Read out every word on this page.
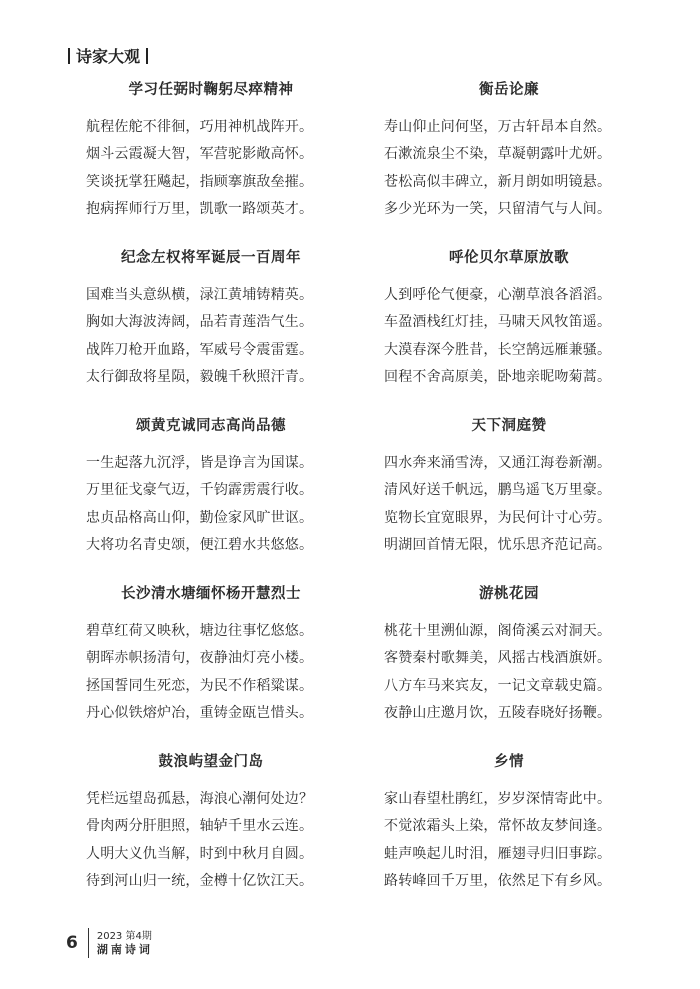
诗家大观
学习任弼时鞠躬尽瘁精神
航程佐舵不徘徊，巧用神机战阵开。
烟斗云霞凝大智，军营驼影敞高怀。
笑谈抚掌狂飚起，指顾搴旗敌垒摧。
抱病挥师行万里，凯歌一路颂英才。
纪念左权将军诞辰一百周年
国难当头意纵横，渌江黄埔铸精英。
胸如大海波涛阔，品若青莲浩气生。
战阵刀枪开血路，军威号令震雷霆。
太行御敌将星陨，毅魄千秋照汗青。
颂黄克诚同志高尚品德
一生起落九沉浮，皆是诤言为国谋。
万里征戈豪气迈，千钧霹雳震行收。
忠贞品格高山仰，勤俭家风旷世讴。
大将功名青史颂，便江碧水共悠悠。
长沙清水塘缅怀杨开慧烈士
碧草红荷又映秋，塘边往事忆悠悠。
朝晖赤帜扬清句，夜静油灯亮小楼。
拯国誓同生死恋，为民不作稻粱谋。
丹心似铁熔炉冶，重铸金瓯岂惜头。
鼓浪屿望金门岛
凭栏远望岛孤悬，海浪心潮何处边？
骨肉两分肝胆照，轴轳千里水云连。
人明大义仇当解，时到中秋月自圆。
待到河山归一统，金樽十亿饮江天。
衡岳论廉
寿山仰止问何坚，万古轩昂本自然。
石漱流泉尘不染，草凝朝露叶尤妍。
苍松高似丰碑立，新月朗如明镜悬。
多少光环为一笑，只留清气与人间。
呼伦贝尔草原放歌
人到呼伦气便豪，心潮草浪各滔滔。
车盈酒栈红灯挂，马啸天风牧笛遥。
大漠春深今胜昔，长空鹄远雁兼骚。
回程不舍高原美，卧地亲昵吻菊蒿。
天下洞庭赞
四水奔来涌雪涛，又通江海卷新潮。
清风好送千帆远，鹏鸟遥飞万里豪。
览物长宜宽眼界，为民何计寸心劳。
明湖回首情无限，忧乐思齐范记高。
游桃花园
桃花十里溯仙源，阁倚溪云对洞天。
客赞秦村歌舞美，风摇古栈酒旗妍。
八方车马来宾友，一记文章载史篇。
夜静山庄邀月饮，五陵春晓好扬鞭。
乡情
家山春望杜鹃红，岁岁深情寄此中。
不觉浓霜头上染，常怀故友梦间逢。
蛙声唤起儿时泪，雁翅寻归旧事踪。
路转峰回千万里，依然足下有乡风。
6 2023 第4期
湖南诗词
